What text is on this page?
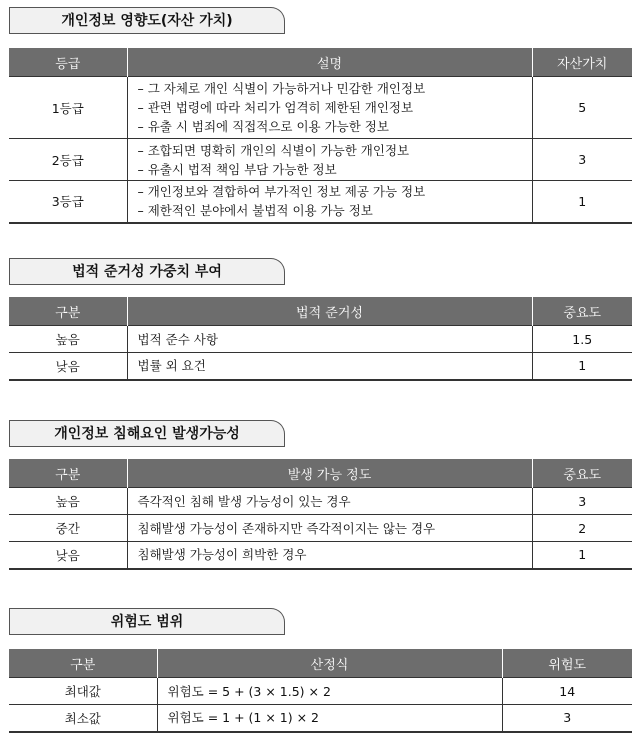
개인정보 영향도(자산 가치)
등급	설명	자산가치
1등급	– 그 자체로 개인 식별이 가능하거나 민감한 개인정보
– 관련 법령에 따라 처리가 엄격히 제한된 개인정보
– 유출 시 범죄에 직접적으로 이용 가능한 정보	5
2등급	– 조합되면 명확히 개인의 식별이 가능한 개인정보
– 유출시 법적 책임 부담 가능한 정보	3
3등급	– 개인정보와 결합하여 부가적인 정보 제공 가능 정보
– 제한적인 분야에서 불법적 이용 가능 정보	1
법적 준거성 가중치 부여
구분	법적 준거성	중요도
높음	법적 준수 사항	1.5
낮음	법률 외 요건	1
개인정보 침해요인 발생가능성
구분	발생 가능 정도	중요도
높음	즉각적인 침해 발생 가능성이 있는 경우	3
중간	침해발생 가능성이 존재하지만 즉각적이지는 않는 경우	2
낮음	침해발생 가능성이 희박한 경우	1
위험도 범위
구분	산정식	위험도
최대값	위험도 = 5 + (3 × 1.5) × 2	14
최소값	위험도 = 1 + (1 × 1) × 2	3
